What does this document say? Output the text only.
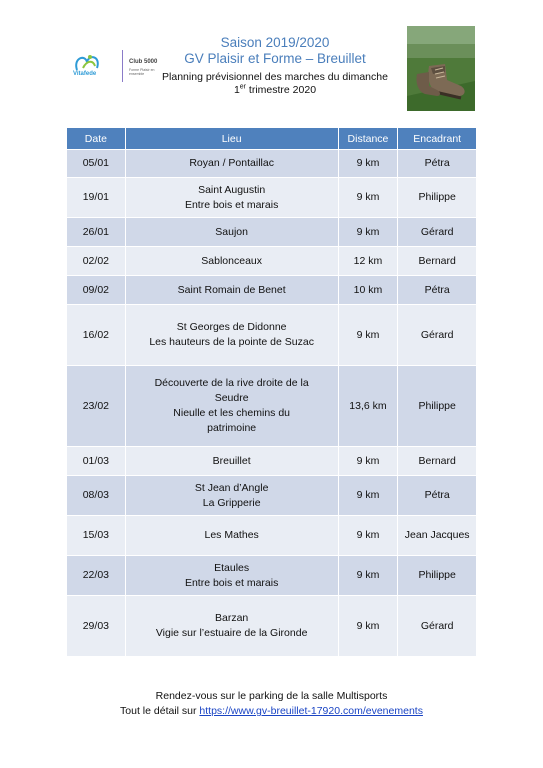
Vitafede
Club 5000
Forme Plaisir en ensemble
Saison 2019/2020
GV Plaisir et Forme – Breuillet
Planning prévisionnel des marches du dimanche
1er trimestre 2020
Date	Lieu	Distance	Encadrant
05/01	Royan / Pontaillac	9 km	Pétra
19/01	Saint Augustin
Entre bois et marais	9 km	Philippe
26/01	Saujon	9 km	Gérard
02/02	Sablonceaux	12 km	Bernard
09/02	Saint Romain de Benet	10 km	Pétra
16/02	St Georges de Didonne
Les hauteurs de la pointe de Suzac	9 km	Gérard
23/02	Découverte de la rive droite de la
Seudre
Nieulle et les chemins du
patrimoine	13,6 km	Philippe
01/03	Breuillet	9 km	Bernard
08/03	St Jean d’Angle
La Gripperie	9 km	Pétra
15/03	Les Mathes	9 km	Jean Jacques
22/03	Etaules
Entre bois et marais	9 km	Philippe
29/03	Barzan
Vigie sur l’estuaire de la Gironde	9 km	Gérard
Rendez-vous sur le parking de la salle Multisports
Tout le détail sur https://www.gv-breuillet-17920.com/evenements
